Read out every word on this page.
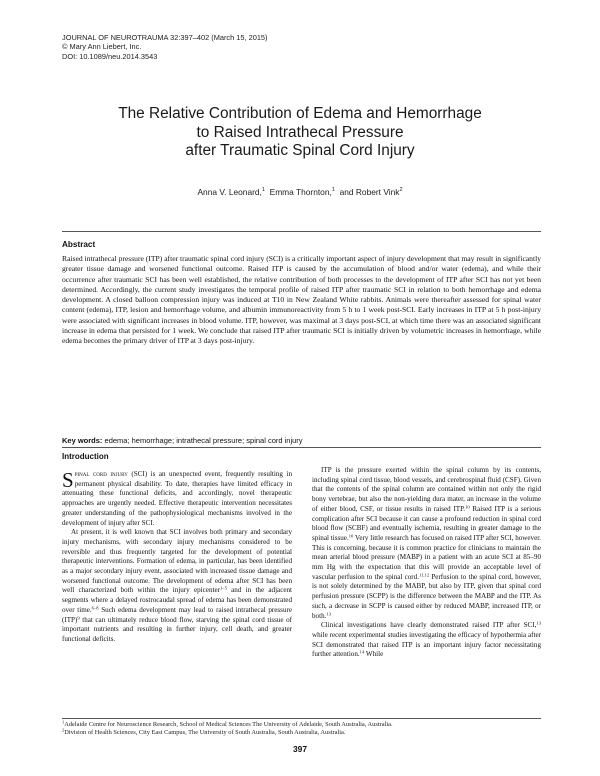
JOURNAL OF NEUROTRAUMA 32:397–402 (March 15, 2015)
© Mary Ann Liebert, Inc.
DOI: 10.1089/neu.2014.3543
The Relative Contribution of Edema and Hemorrhage
to Raised Intrathecal Pressure
after Traumatic Spinal Cord Injury
Anna V. Leonard,$^1$ Emma Thornton,$^1$ and Robert Vink$^2$
Abstract
Raised intrathecal pressure (ITP) after traumatic spinal cord injury (SCI) is a critically important aspect of injury development that may result in significantly greater tissue damage and worsened functional outcome. Raised ITP is caused by the accumulation of blood and/or water (edema), and while their occurrence after traumatic SCI has been well established, the relative contribution of both processes to the development of ITP after SCI has not yet been determined. Accordingly, the current study investigates the temporal profile of raised ITP after traumatic SCI in relation to both hemorrhage and edema development. A closed balloon compression injury was induced at T10 in New Zealand White rabbits. Animals were thereafter assessed for spinal water content (edema), ITP, lesion and hemorrhage volume, and albumin immunoreactivity from 5 h to 1 week post-SCI. Early increases in ITP at 5 h post-injury were associated with significant increases in blood volume. ITP, however, was maximal at 3 days post-SCI, at which time there was an associated significant increase in edema that persisted for 1 week. We conclude that raised ITP after traumatic SCI is initially driven by volumetric increases in hemorrhage, while edema becomes the primary driver of ITP at 3 days post-injury.
Key words: edema; hemorrhage; intrathecal pressure; spinal cord injury
Introduction

Spinal cord injury (SCI) is an unexpected event, frequently resulting in permanent physical disability. To date, therapies have limited efficacy in attenuating these functional deficits, and accordingly, novel therapeutic approaches are urgently needed. Effective therapeutic intervention necessitates greater understanding of the pathophysiological mechanisms involved in the development of injury after SCI.

At present, it is well known that SCI involves both primary and secondary injury mechanisms, with secondary injury mechanisms considered to be reversible and thus frequently targeted for the development of potential therapeutic interventions. Formation of edema, in particular, has been identified as a major secondary injury event, associated with increased tissue damage and worsened functional outcome. The development of edema after SCI has been well characterized both within the injury epicenter$^{1-5}$ and in the adjacent segments where a delayed rostrocaudal spread of edema has been demonstrated over time.$^{6-8}$ Such edema development may lead to raised intrathecal pressure (ITP)$^9$ that can ultimately reduce blood flow, starving the spinal cord tissue of important nutrients and resulting in further injury, cell death, and greater functional deficits.

ITP is the pressure exerted within the spinal column by its contents, including spinal cord tissue, blood vessels, and cerebrospinal fluid (CSF). Given that the contents of the spinal column are contained within not only the rigid bony vertebrae, but also the non-yielding dura mater, an increase in the volume of either blood, CSF, or tissue results in raised ITP.$^{10}$ Raised ITP is a serious complication after SCI because it can cause a profound reduction in spinal cord blood flow (SCBF) and eventually ischemia, resulting in greater damage to the spinal tissue.$^{10}$ Very little research has focused on raised ITP after SCI, however. This is concerning, because it is common practice for clinicians to maintain the mean arterial blood pressure (MABP) in a patient with an acute SCI at 85–90 mm Hg with the expectation that this will provide an acceptable level of vascular perfusion to the spinal cord.$^{11,12}$ Perfusion to the spinal cord, however, is not solely determined by the MABP, but also by ITP, given that spinal cord perfusion pressure (SCPP) is the difference between the MABP and the ITP. As such, a decrease in SCPP is caused either by reduced MABP, increased ITP, or both.$^{13}$

Clinical investigations have clearly demonstrated raised ITP after SCI,$^{13}$ while recent experimental studies investigating the efficacy of hypothermia after SCI demonstrated that raised ITP is an important injury factor necessitating further attention.$^{14}$ While

$^1$Adelaide Centre for Neuroscience Research, School of Medical Sciences The University of Adelaide, South Australia, Australia.
$^2$Division of Health Sciences, City East Campus, The University of South Australia, South Australia, Australia.
397
